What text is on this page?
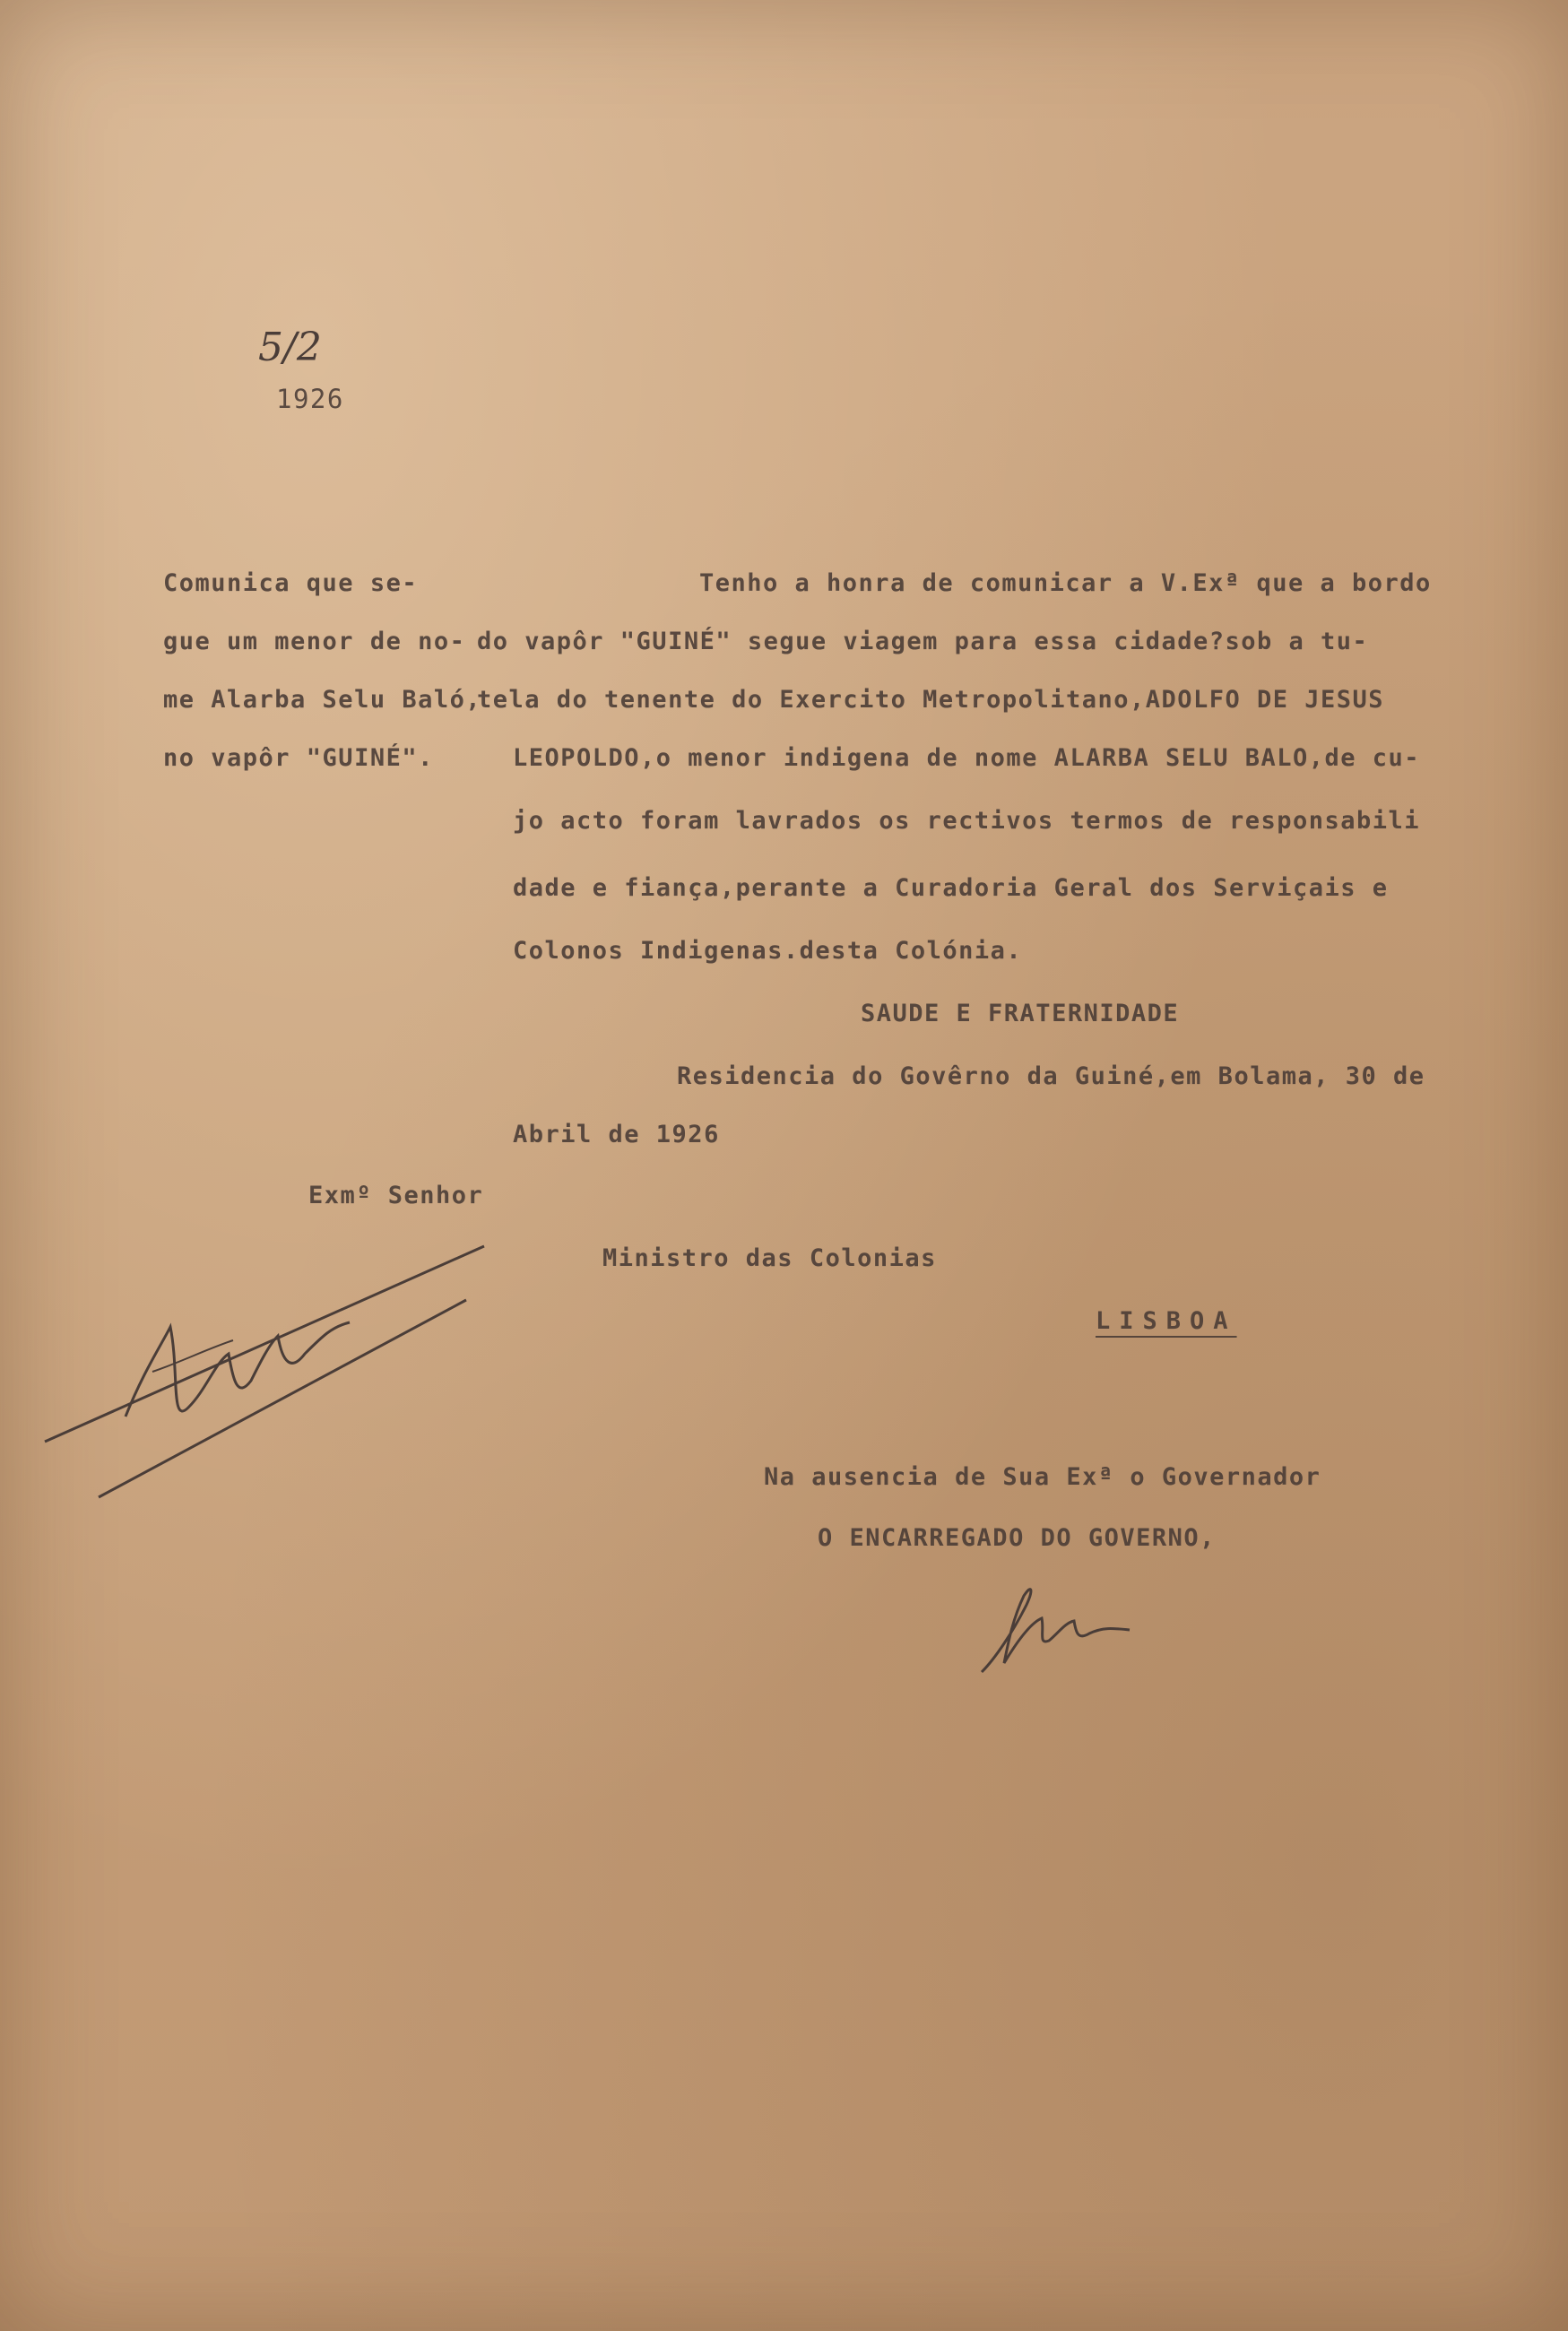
5/2
1926
Comunica que se-
gue um menor de no-
me Alarba Selu Baló,
no vapôr "GUINÉ".
Tenho a honra de comunicar a V.Exª que a bordo
do vapôr "GUINÉ" segue viagem para essa cidade?sob a tu-
tela do tenente do Exercito Metropolitano,ADOLFO DE JESUS
LEOPOLDO,o menor indigena de nome ALARBA SELU BALO,de cu-
jo acto foram lavrados os rectivos termos de responsabili
dade e fiança,perante a Curadoria Geral dos Serviçais e
Colonos Indigenas.desta Colónia.
SAUDE E FRATERNIDADE
Residencia do Govêrno da Guiné,em Bolama, 30 de
Abril de 1926
Exmº Senhor
Ministro das Colonias
LISBOA
Na ausencia de Sua Exª o Governador
O ENCARREGADO DO GOVERNO,
